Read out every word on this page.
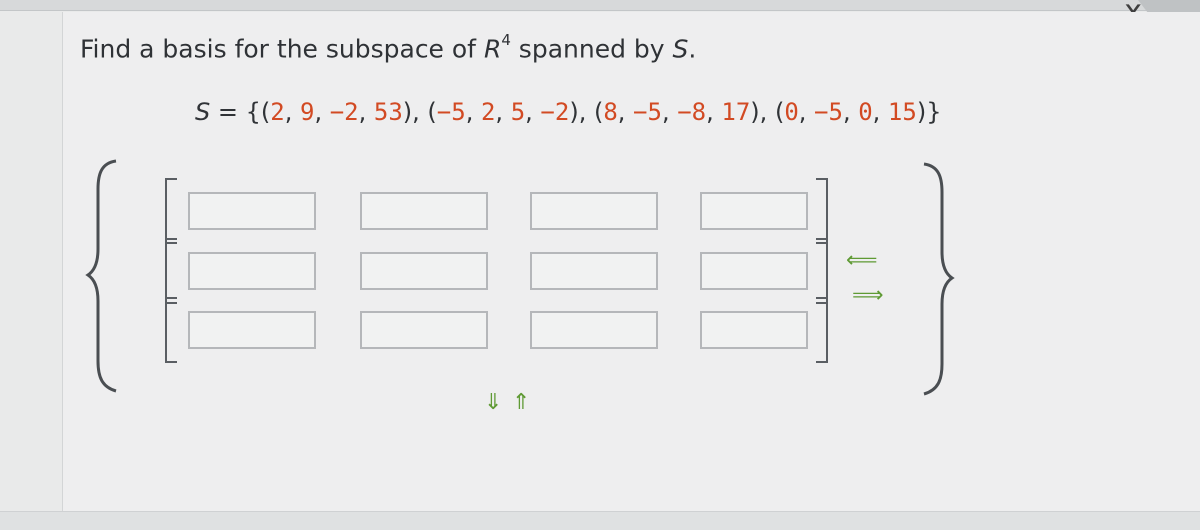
Find a basis for the subspace of $R^4$ spanned by S.
S = {(2, 9, −2, 53), (−5, 2, 5, −2), (8, −5, −8, 17), (0, −5, 0, 15)}
⟸
⟹
⇓ ⇑
